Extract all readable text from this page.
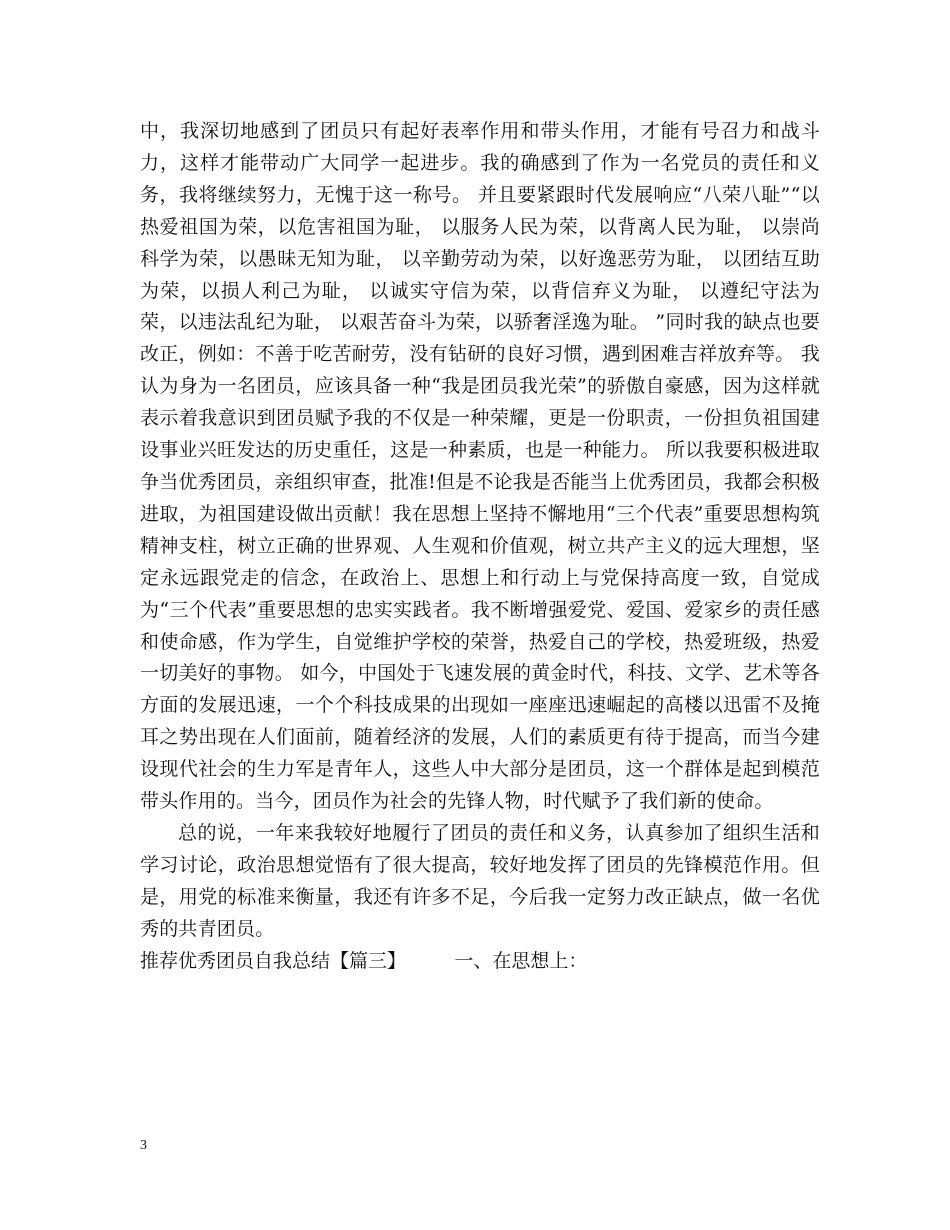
中，我深切地感到了团员只有起好表率作用和带头作用，才能有号召力和战斗力，这样才能带动广大同学一起进步。我的确感到了作为一名党员的责任和义务，我将继续努力，无愧于这一称号。 并且要紧跟时代发展响应“八荣八耻”“以热爱祖国为荣，以危害祖国为耻， 以服务人民为荣，以背离人民为耻， 以崇尚科学为荣，以愚昧无知为耻， 以辛勤劳动为荣，以好逸恶劳为耻， 以团结互助为荣，以损人利己为耻， 以诚实守信为荣，以背信弃义为耻， 以遵纪守法为荣，以违法乱纪为耻， 以艰苦奋斗为荣，以骄奢淫逸为耻。 ”同时我的缺点也要改正，例如：不善于吃苦耐劳，没有钻研的良好习惯，遇到困难吉祥放弃等。 我认为身为一名团员，应该具备一种“我是团员我光荣”的骄傲自豪感，因为这样就表示着我意识到团员赋予我的不仅是一种荣耀，更是一份职责，一份担负祖国建设事业兴旺发达的历史重任，这是一种素质，也是一种能力。 所以我要积极进取争当优秀团员，亲组织审查，批准!但是不论我是否能当上优秀团员，我都会积极进取，为祖国建设做出贡献！我在思想上坚持不懈地用“三个代表”重要思想构筑精神支柱，树立正确的世界观、人生观和价值观，树立共产主义的远大理想，坚定永远跟党走的信念，在政治上、思想上和行动上与党保持高度一致，自觉成为“三个代表”重要思想的忠实实践者。我不断增强爱党、爱国、爱家乡的责任感和使命感，作为学生，自觉维护学校的荣誉，热爱自己的学校，热爱班级，热爱一切美好的事物。 如今，中国处于飞速发展的黄金时代，科技、文学、艺术等各方面的发展迅速，一个个科技成果的出现如一座座迅速崛起的高楼以迅雷不及掩耳之势出现在人们面前，随着经济的发展，人们的素质更有待于提高，而当今建设现代社会的生力军是青年人，这些人中大部分是团员，这一个群体是起到模范带头作用的。当今，团员作为社会的先锋人物，时代赋予了我们新的使命。

总的说，一年来我较好地履行了团员的责任和义务，认真参加了组织生活和学习讨论，政治思想觉悟有了很大提高，较好地发挥了团员的先锋模范作用。但是，用党的标准来衡量，我还有许多不足，今后我一定努力改正缺点，做一名优秀的共青团员。

推荐优秀团员自我总结【篇三】	一、在思想上：

3
